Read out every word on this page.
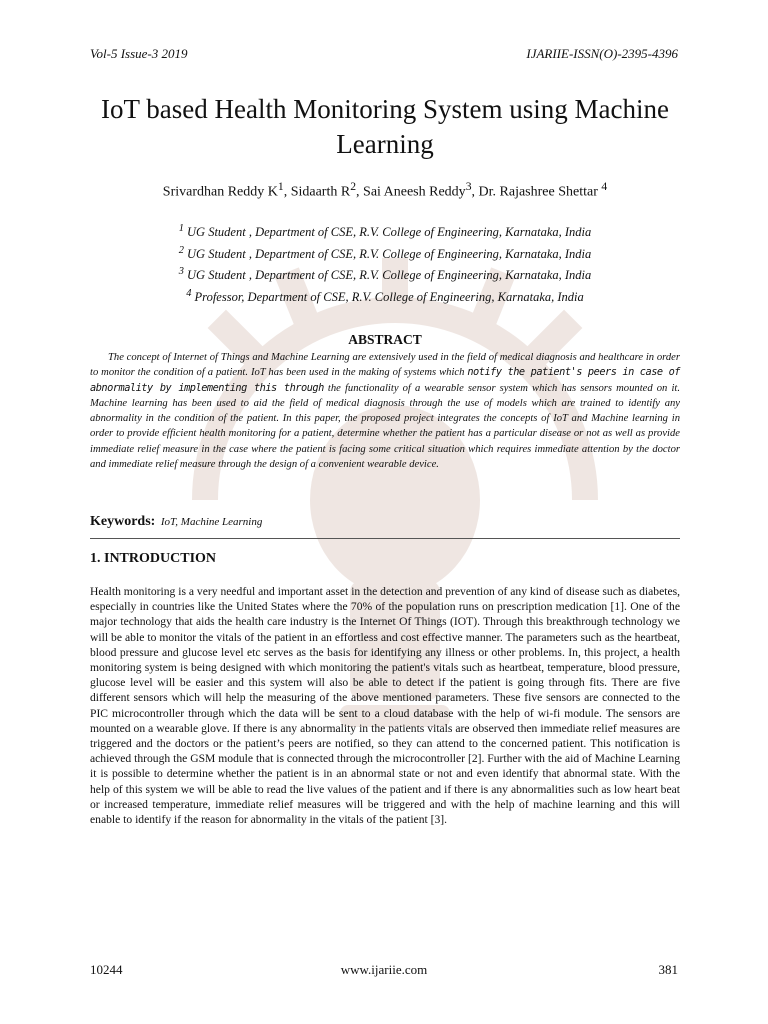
Vol-5 Issue-3 2019	IJARIIE-ISSN(O)-2395-4396
IoT based Health Monitoring System using Machine Learning
Srivardhan Reddy $K^1$, Sidaarth $R^2$, Sai Aneesh Reddy$^3$, Dr. Rajashree Shettar $^4$
$^1$ UG Student , Department of CSE, R.V. College of Engineering, Karnataka, India
$^2$ UG Student , Department of CSE, R.V. College of Engineering, Karnataka, India
$^3$ UG Student , Department of CSE, R.V. College of Engineering, Karnataka, India
$^4$ Professor, Department of CSE, R.V. College of Engineering, Karnataka, India
ABSTRACT

The concept of Internet of Things and Machine Learning are extensively used in the field of medical diagnosis and healthcare in order to monitor the condition of a patient. IoT has been used in the making of systems which notify the patient's peers in case of abnormality by implementing this through the functionality of a wearable sensor system which has sensors mounted on it. Machine learning has been used to aid the field of medical diagnosis through the use of models which are trained to identify any abnormality in the condition of the patient. In this paper, the proposed project integrates the concepts of IoT and Machine learning in order to provide efficient health monitoring for a patient, determine whether the patient has a particular disease or not as well as provide immediate relief measure in the case where the patient is facing some critical situation which requires immediate attention by the doctor and immediate relief measure through the design of a convenient wearable device.

Keywords: IoT, Machine Learning
1. INTRODUCTION

Health monitoring is a very needful and important asset in the detection and prevention of any kind of disease such as diabetes, especially in countries like the United States where the 70% of the population runs on prescription medication [1]. One of the major technology that aids the health care industry is the Internet Of Things (IOT). Through this breakthrough technology we will be able to monitor the vitals of the patient in an effortless and cost effective manner. The parameters such as the heartbeat, blood pressure and glucose level etc serves as the basis for identifying any illness or other problems. In, this project, a health monitoring system is being designed with which monitoring the patient's vitals such as heartbeat, temperature, blood pressure, glucose level will be easier and this system will also be able to detect if the patient is going through fits. There are five different sensors which will help the measuring of the above mentioned parameters. These five sensors are connected to the PIC microcontroller through which the data will be sent to a cloud database with the help of wi-fi module. The sensors are mounted on a wearable glove. If there is any abnormality in the patients vitals are observed then immediate relief measures are triggered and the doctors or the patient’s peers are notified, so they can attend to the concerned patient. This notification is achieved through the GSM module that is connected through the microcontroller [2]. Further with the aid of Machine Learning it is possible to determine whether the patient is in an abnormal state or not and even identify that abnormal state. With the help of this system we will be able to read the live values of the patient and if there is any abnormalities such as low heart beat or increased temperature, immediate relief measures will be triggered and with the help of machine learning and this will enable to identify if the reason for abnormality in the vitals of the patient [3].

10244	www.ijariie.com	381
